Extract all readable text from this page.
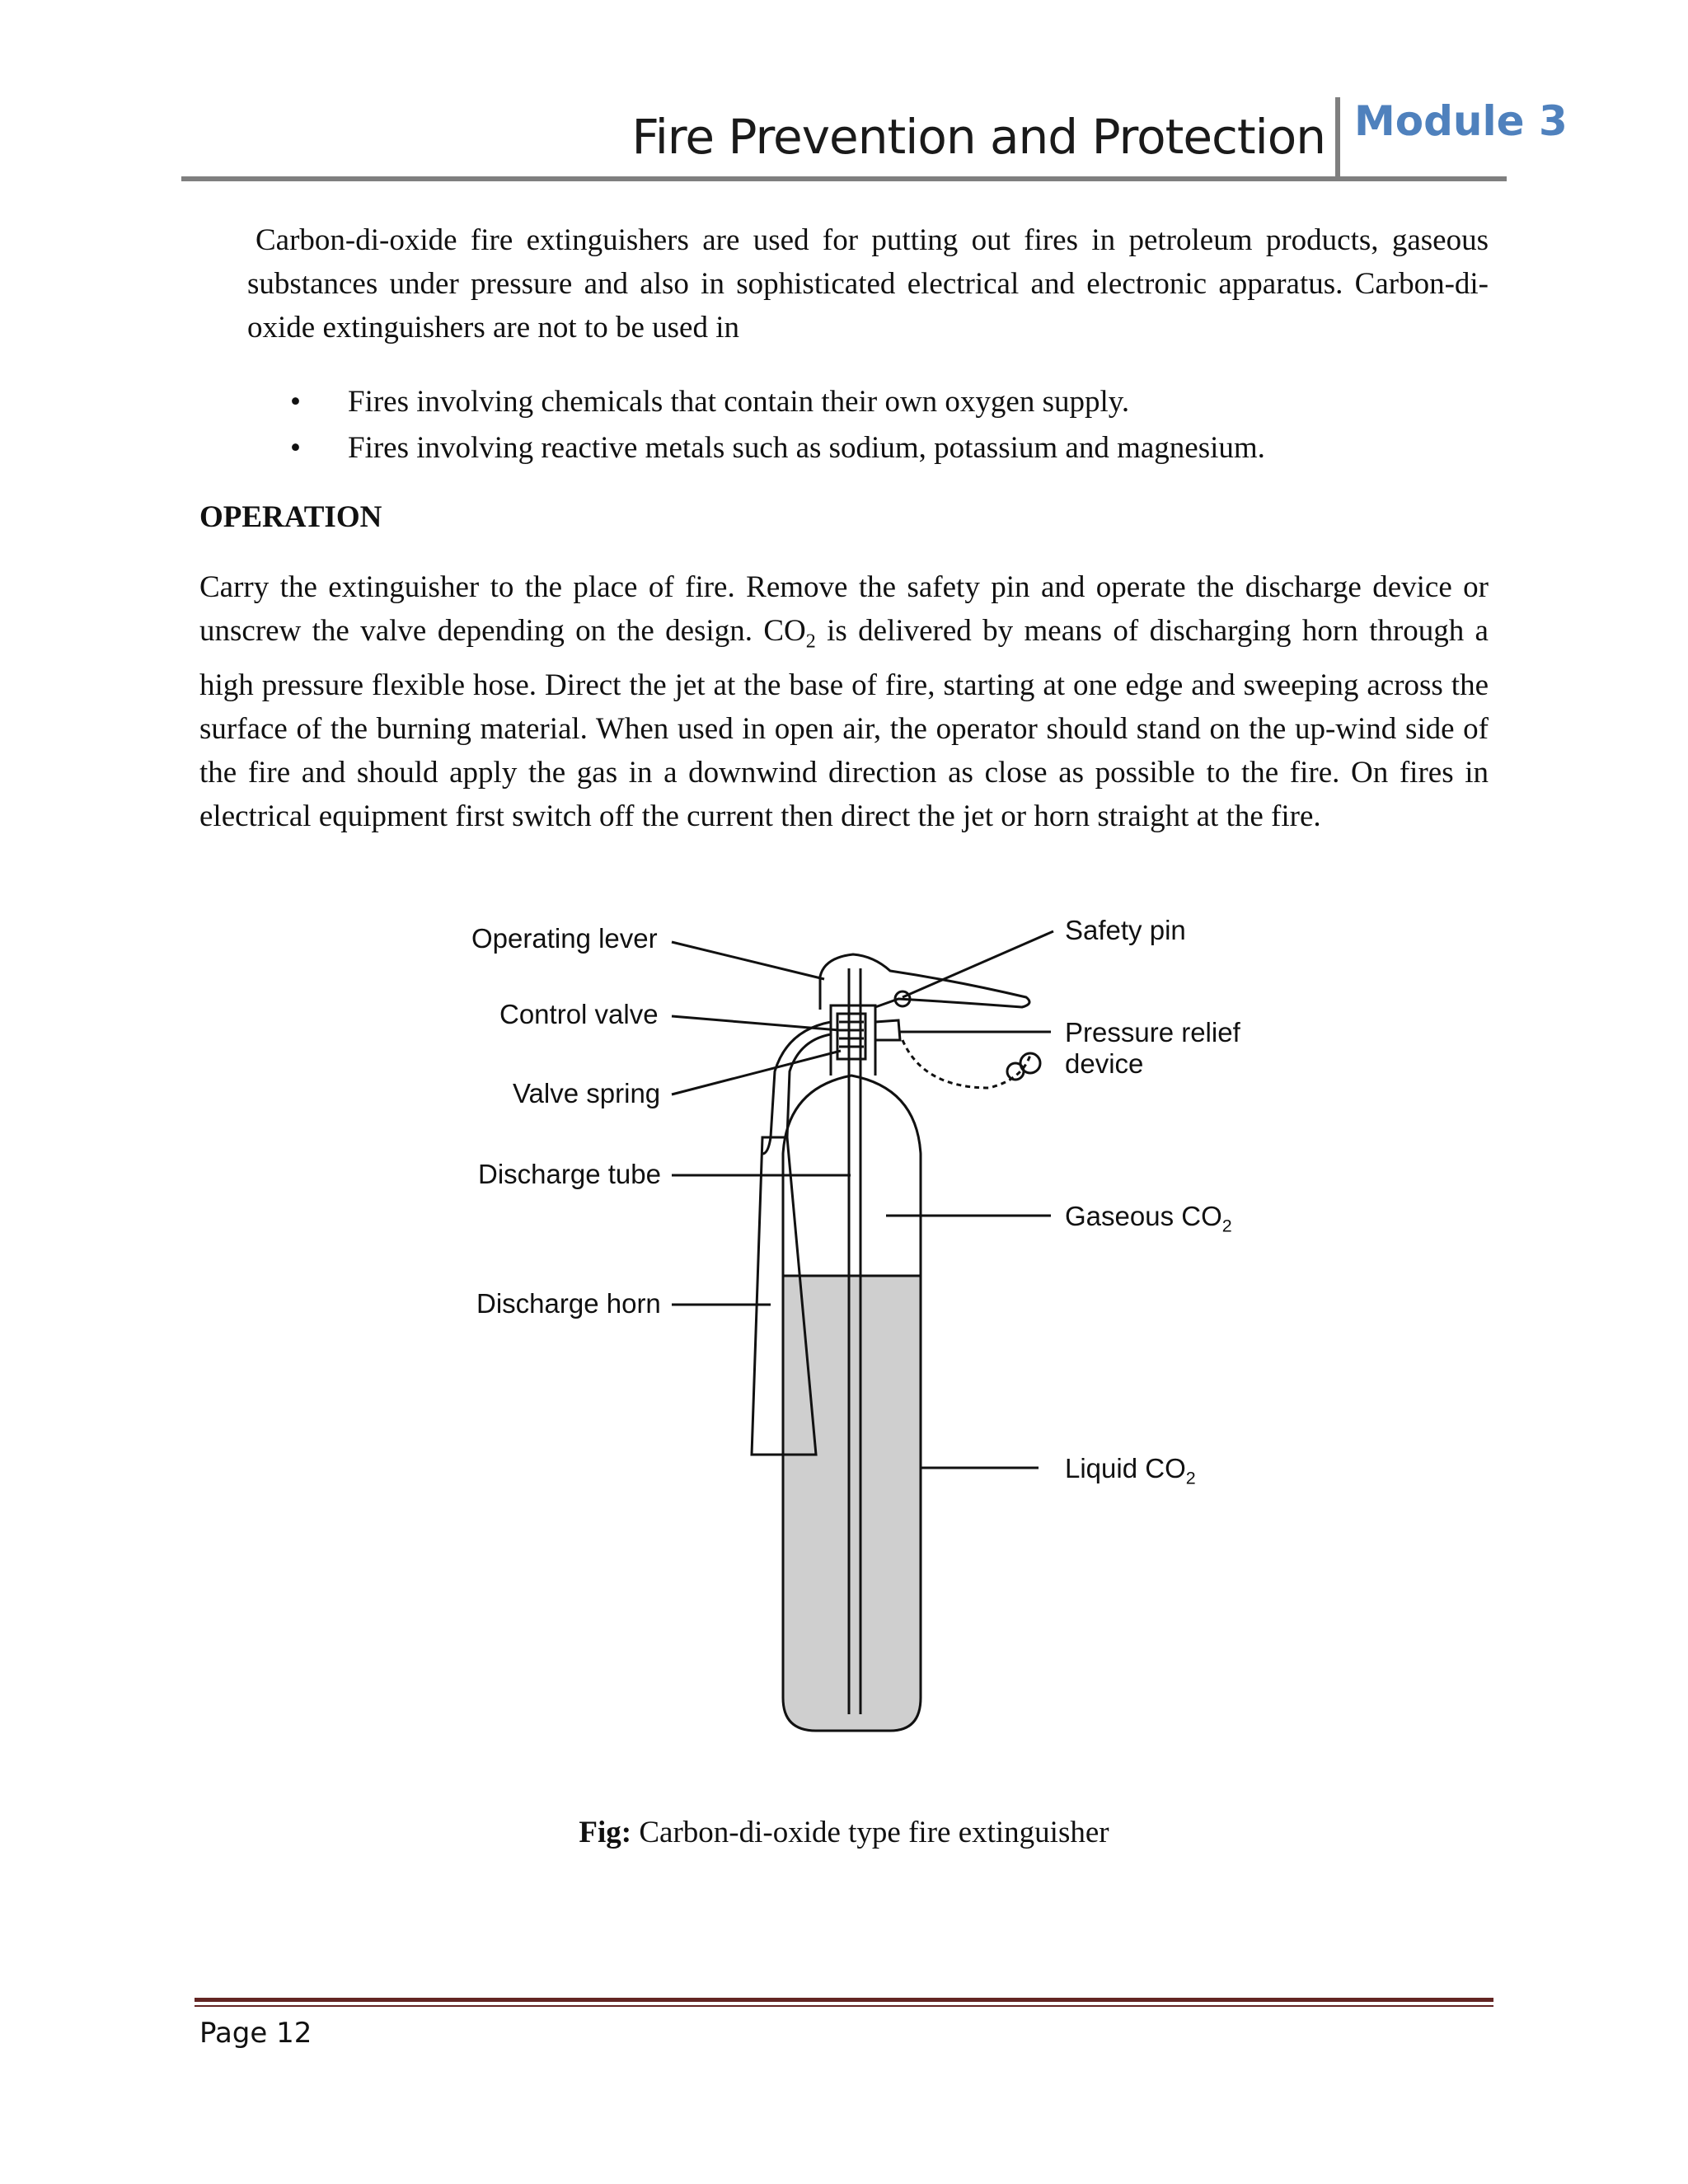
Fire Prevention and Protection Module 3
Carbon-di-oxide fire extinguishers are used for putting out fires in petroleum products, gaseous substances under pressure and also in sophisticated electrical and electronic apparatus. Carbon-di-oxide extinguishers are not to be used in
• Fires involving chemicals that contain their own oxygen supply.
• Fires involving reactive metals such as sodium, potassium and magnesium.
OPERATION
Carry the extinguisher to the place of fire. Remove the safety pin and operate the discharge device or unscrew the valve depending on the design. $CO_2$ is delivered by means of discharging horn through a high pressure flexible hose. Direct the jet at the base of fire, starting at one edge and sweeping across the surface of the burning material. When used in open air, the operator should stand on the up-wind side of the fire and should apply the gas in a downwind direction as close as possible to the fire. On fires in electrical equipment first switch off the current then direct the jet or horn straight at the fire.
Operating lever
Control valve
Valve spring
Discharge tube
Discharge horn
Safety pin
Pressure relief
device
Gaseous $CO_2$
Liquid $CO_2$
Fig: Carbon-di-oxide type fire extinguisher
Page 12
